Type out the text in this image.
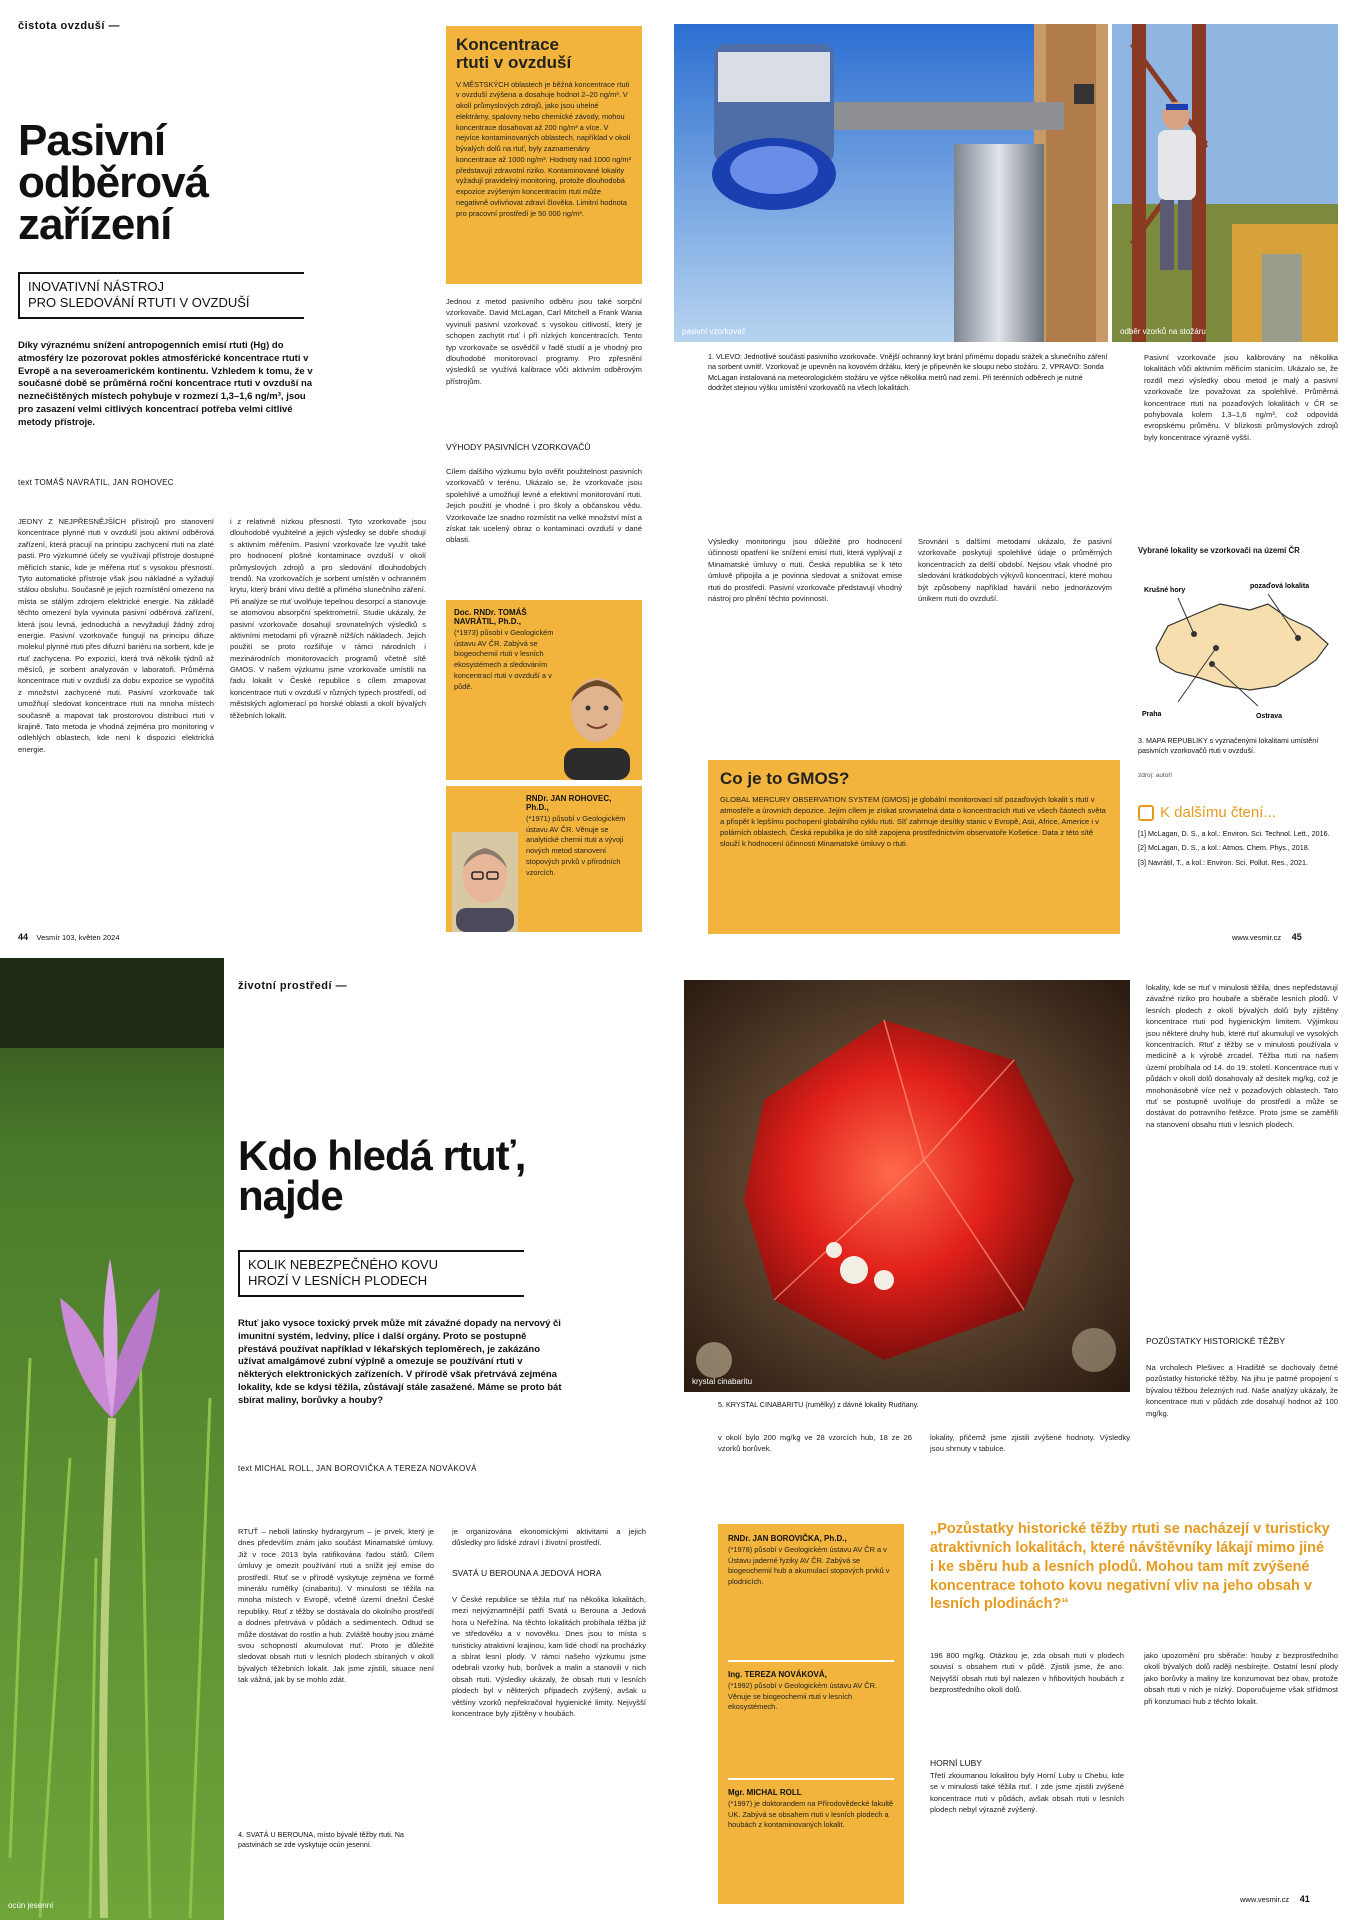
čistota ovzduší —
Pasivní
odběrová
zařízení
INOVATIVNÍ NÁSTROJ
PRO SLEDOVÁNÍ RTUTI V OVZDUŠÍ
Díky výraznému snížení antropogenních emisí rtuti (Hg) do atmosféry lze pozorovat pokles atmosférické koncentrace rtuti v Evropě a na severoamerickém kontinentu. Vzhledem k tomu, že v současné době se průměrná roční koncentrace rtuti v ovzduší na neznečištěných místech pohybuje v rozmezí 1,3–1,6 ng/m³, jsou pro zasazení velmi citlivých koncentrací potřeba velmi citlivé metody přístroje.
text TOMÁŠ NAVRÁTIL, JAN ROHOVEC
JEDNY Z NEJPŘESNĚJŠÍCH přístrojů pro stanovení koncentrace plynné rtuti v ovzduší jsou aktivní odběrová zařízení, která pracují na principu zachycení rtuti na zlaté pasti. Pro výzkumné účely se využívají přístroje dostupné měřicích stanic, kde je měřena rtuť s vysokou přesností. Tyto automatické přístroje však jsou nákladné a vyžadují stálou obsluhu. Současně je jejich rozmístění omezeno na místa se stálým zdrojem elektrické energie. Na základě těchto omezení byla vyvinuta pasivní odběrová zařízení, která jsou levná, jednoduchá a nevyžadují žádný zdroj energie. Pasivní vzorkovače fungují na principu difuze molekul plynné rtuti přes difuzní bariéru na sorbent, kde je rtuť zachycena. Po expozici, která trvá několik týdnů až měsíců, je sorbent analyzován v laboratoři. Průměrná koncentrace rtuti v ovzduší za dobu expozice se vypočítá z množství zachycené rtuti. Pasivní vzorkovače tak umožňují sledovat koncentrace rtuti na mnoha místech současně a mapovat tak prostorovou distribuci rtuti v krajině. Tato metoda je vhodná zejména pro monitoring v odlehlých oblastech, kde není k dispozici elektrická energie.
i z relativně nízkou přesností. Tyto vzorkovače jsou dlouhodobě využitelné a jejich výsledky se dobře shodují s aktivním měřením. Pasivní vzorkovače lze využít také pro hodnocení plošné kontaminace ovzduší v okolí průmyslových zdrojů a pro sledování dlouhodobých trendů. Na vzorkovačích je sorbent umístěn v ochranném krytu, který brání vlivu deště a přímého slunečního záření. Při analýze se rtuť uvolňuje tepelnou desorpcí a stanovuje se atomovou absorpční spektrometrií. Studie ukázaly, že pasivní vzorkovače dosahují srovnatelných výsledků s aktivními metodami při výrazně nižších nákladech. Jejich použití se proto rozšiřuje v rámci národních i mezinárodních monitorovacích programů včetně sítě GMOS. V našem výzkumu jsme vzorkovače umístili na řadu lokalit v České republice s cílem zmapovat koncentrace rtuti v ovzduší v různých typech prostředí, od městských aglomerací po horské oblasti a okolí bývalých těžebních lokalit.
Koncentrace
rtuti v ovzduší
V MĚSTSKÝCH oblastech je běžná koncentrace rtuti v ovzduší zvýšena a dosahuje hodnot 2–20 ng/m³. V okolí průmyslových zdrojů, jako jsou uhelné elektrárny, spalovny nebo chemické závody, mohou koncentrace dosahovat až 200 ng/m³ a více. V nejvíce kontaminovaných oblastech, například v okolí bývalých dolů na rtuť, byly zaznamenány koncentrace až 1000 ng/m³. Hodnoty nad 1000 ng/m³ představují zdravotní riziko. Kontaminované lokality vyžadují pravidelný monitoring, protože dlouhodobá expozice zvýšeným koncentracím rtuti může negativně ovlivňovat zdraví člověka. Limitní hodnota pro pracovní prostředí je 50 000 ng/m³.
Jednou z metod pasivního odběru jsou také sorpční vzorkovače. David McLagan, Carl Mitchell a Frank Wania vyvinuli pasivní vzorkovač s vysokou citlivostí, který je schopen zachytit rtuť i při nízkých koncentracích. Tento typ vzorkovače se osvědčil v řadě studií a je vhodný pro dlouhodobé monitorovací programy. Pro zpřesnění výsledků se využívá kalibrace vůči aktivním odběrovým přístrojům.
VÝHODY PASIVNÍCH VZORKOVAČŮ
Cílem dalšího výzkumu bylo ověřit použitelnost pasivních vzorkovačů v terénu. Ukázalo se, že vzorkovače jsou spolehlivé a umožňují levné a efektivní monitorování rtuti. Jejich použití je vhodné i pro školy a občanskou vědu. Vzorkovače lze snadno rozmístit na velké množství míst a získat tak ucelený obraz o kontaminaci ovzduší v dané oblasti.
Doc. RNDr. TOMÁŠ NAVRÁTIL, Ph.D.,
(*1973) působí v Geologickém ústavu AV ČR. Zabývá se biogeochemií rtuti v lesních ekosystémech a sledováním koncentrací rtuti v ovzduší a v půdě.
RNDr. JAN ROHOVEC, Ph.D.,
(*1971) působí v Geologickém ústavu AV ČR. Věnuje se analytické chemii rtuti a vývoji nových metod stanovení stopových prvků v přírodních vzorcích.
44 Vesmír 103, květen 2024
pasivní vzorkovač	odběr vzorků na stožáru
1. VLEVO: Jednotlivé součásti pasivního vzorkovače. Vnější ochranný kryt brání přímému dopadu srážek a slunečního záření na sorbent uvnitř. Vzorkovač je upevněn na kovovém držáku, který je připevněn ke sloupu nebo stožáru. 2. VPRAVO: Sonda McLagan instalovaná na meteorologickém stožáru ve výšce několika metrů nad zemí. Při terénních odběrech je nutné dodržet stejnou výšku umístění vzorkovačů na všech lokalitách.
Pasivní vzorkovače jsou kalibrovány na několika lokalitách vůči aktivním měřicím stanicím. Ukázalo se, že rozdíl mezi výsledky obou metod je malý a pasivní vzorkovače lze považovat za spolehlivé. Průměrná koncentrace rtuti na pozaďových lokalitách v ČR se pohybovala kolem 1,3–1,6 ng/m³, což odpovídá evropskému průměru. V blízkosti průmyslových zdrojů byly koncentrace výrazně vyšší.
Výsledky monitoringu jsou důležité pro hodnocení účinnosti opatření ke snížení emisí rtuti, která vyplývají z Minamatské úmluvy o rtuti. Česká republika se k této úmluvě připojila a je povinna sledovat a snižovat emise rtuti do prostředí. Pasivní vzorkovače představují vhodný nástroj pro plnění těchto povinností.
Srovnání s dalšími metodami ukázalo, že pasivní vzorkovače poskytují spolehlivé údaje o průměrných koncentracích za delší období. Nejsou však vhodné pro sledování krátkodobých výkyvů koncentrací, které mohou být způsobeny například havárií nebo jednorázovým únikem rtuti do ovzduší.
Vybrané lokality se vzorkovači na území ČR
Krušné hory
pozaďová lokalita
Praha	Ostrava
3. MAPA REPUBLIKY s vyznačenými lokalitami umístění pasivních vzorkovačů rtuti v ovzduší.
zdroj: autoři
Co je to GMOS?
GLOBAL MERCURY OBSERVATION SYSTEM (GMOS) je globální monitorovací síť pozaďových lokalit s rtutí v atmosféře a úrovních depozice. Jejím cílem je získat srovnatelná data o koncentracích rtuti ve všech částech světa a přispět k lepšímu pochopení globálního cyklu rtuti. Síť zahrnuje desítky stanic v Evropě, Asii, Africe, Americe i v polárních oblastech. Česká republika je do sítě zapojena prostřednictvím observatoře Košetice. Data z této sítě slouží k hodnocení účinnosti Minamatské úmluvy o rtuti.
K dalšímu čtení...
[1] McLagan, D. S., a kol.: Environ. Sci. Technol. Lett., 2016.
[2] McLagan, D. S., a kol.: Atmos. Chem. Phys., 2018.
[3] Navrátil, T., a kol.: Environ. Sci. Pollut. Res., 2021.
www.vesmir.cz 45
ocún jesenní
životní prostředí —
Kdo hledá rtuť,
najde
KOLIK NEBEZPEČNÉHO KOVU
HROZÍ V LESNÍCH PLODECH
Rtuť jako vysoce toxický prvek může mít závažné dopady na nervový či imunitní systém, ledviny, plíce i další orgány. Proto se postupně přestává používat například v lékařských teploměrech, je zakázáno užívat amalgámové zubní výplně a omezuje se používání rtuti v některých elektronických zařízeních. V přírodě však přetrvává zejména lokality, kde se kdysi těžila, zůstávají stále zasažené. Máme se proto bát sbírat maliny, borůvky a houby?
text MICHAL ROLL, JAN BOROVIČKA A TEREZA NOVÁKOVÁ
RTUŤ – neboli latinsky hydrargyrum – je prvek, který je dnes především znám jako součást Minamatské úmluvy. Již v roce 2013 byla ratifikována řadou států. Cílem úmluvy je omezit používání rtuti a snížit její emise do prostředí. Rtuť se v přírodě vyskytuje zejména ve formě minerálu rumělky (cinabaritu). V minulosti se těžila na mnoha místech v Evropě, včetně území dnešní České republiky. Rtuť z těžby se dostávala do okolního prostředí a dodnes přetrvává v půdách a sedimentech. Odtud se může dostávat do rostlin a hub. Zvláště houby jsou známé svou schopností akumulovat rtuť. Proto je důležité sledovat obsah rtuti v lesních plodech sbíraných v okolí bývalých těžebních lokalit. Jak jsme zjistili, situace není tak vážná, jak by se mohlo zdát.
4. SVATÁ U BEROUNA, místo bývalé těžby rtuti. Na pastvinách se zde vyskytuje ocún jesenní.
je organizována ekonomickými aktivitami a jejich důsledky pro lidské zdraví i životní prostředí.
SVATÁ U BEROUNA A JEDOVÁ HORA
V České republice se těžila rtuť na několika lokalitách, mezi nejvýznamnější patří Svatá u Berouna a Jedová hora u Neřežína. Na těchto lokalitách probíhala těžba již ve středověku a v novověku. Dnes jsou to místa s turisticky atraktivní krajinou, kam lidé chodí na procházky a sbírat lesní plody. V rámci našeho výzkumu jsme odebrali vzorky hub, borůvek a malin a stanovili v nich obsah rtuti. Výsledky ukázaly, že obsah rtuti v lesních plodech byl v některých případech zvýšený, avšak u většiny vzorků nepřekračoval hygienické limity. Nejvyšší koncentrace byly zjištěny v houbách.
krystal cinabaritu
5. KRYSTAL CINABARITU (rumělky) z dávné lokality Rudňany.
lokality, kde se rtuť v minulosti těžila, dnes nepředstavují závažné riziko pro houbaře a sběrače lesních plodů. V lesních plodech z okolí bývalých dolů byly zjištěny koncentrace rtuti pod hygienickým limitem. Výjimkou jsou některé druhy hub, které rtuť akumulují ve vysokých koncentracích. Rtuť z těžby se v minulosti používala v medicíně a k výrobě zrcadel. Těžba rtuti na našem území probíhala od 14. do 19. století. Koncentrace rtuti v půdách v okolí dolů dosahovaly až desítek mg/kg, což je mnohonásobně více než v pozaďových oblastech. Tato rtuť se postupně uvolňuje do prostředí a může se dostávat do potravního řetězce. Proto jsme se zaměřili na stanovení obsahu rtuti v lesních plodech.
POZŮSTATKY HISTORICKÉ TĚŽBY
Na vrcholech Plešivec a Hradiště se dochovaly četné pozůstatky historické těžby. Na jihu je patrné propojení s bývalou těžbou železných rud. Naše analýzy ukázaly, že koncentrace rtuti v půdách zde dosahují hodnot až 100 mg/kg.
v okolí bylo 200 mg/kg ve 28 vzorcích hub, 18 ze 26 vzorků borůvek.
lokality, přičemž jsme zjistili zvýšené hodnoty. Výsledky jsou shrnuty v tabulce.
RNDr. JAN BOROVIČKA, Ph.D.,
(*1978) působí v Geologickém ústavu AV ČR a v Ústavu jaderné fyziky AV ČR. Zabývá se biogeochemií hub a akumulací stopových prvků v plodnicích.
Ing. TEREZA NOVÁKOVÁ,
(*1992) působí v Geologickém ústavu AV ČR. Věnuje se biogeochemii rtuti v lesních ekosystémech.
Mgr. MICHAL ROLL
(*1997) je doktorandem na Přírodovědecké fakultě UK. Zabývá se obsahem rtuti v lesních plodech a houbách z kontaminovaných lokalit.
„Pozůstatky historické těžby rtuti se nacházejí v turisticky atraktivních lokalitách, které návštěvníky lákají mimo jiné i ke sběru hub a lesních plodů. Mohou tam mít zvýšené koncentrace tohoto kovu negativní vliv na jeho obsah v lesních plodinách?“
196 800 mg/kg. Otázkou je, zda obsah rtuti v plodech souvisí s obsahem rtuti v půdě. Zjistili jsme, že ano. Nejvyšší obsah rtuti byl nalezen v hřibovitých houbách z bezprostředního okolí dolů.
HORNÍ LUBY
Třetí zkoumanou lokalitou byly Horní Luby u Chebu, kde se v minulosti také těžila rtuť. I zde jsme zjistili zvýšené koncentrace rtuti v půdách, avšak obsah rtuti v lesních plodech nebyl výrazně zvýšený.
jako upozornění pro sběrače: houby z bezprostředního okolí bývalých dolů raději nesbírejte. Ostatní lesní plody jako borůvky a maliny lze konzumovat bez obav, protože obsah rtuti v nich je nízký. Doporučujeme však střídmost při konzumaci hub z těchto lokalit.
www.vesmir.cz 41
